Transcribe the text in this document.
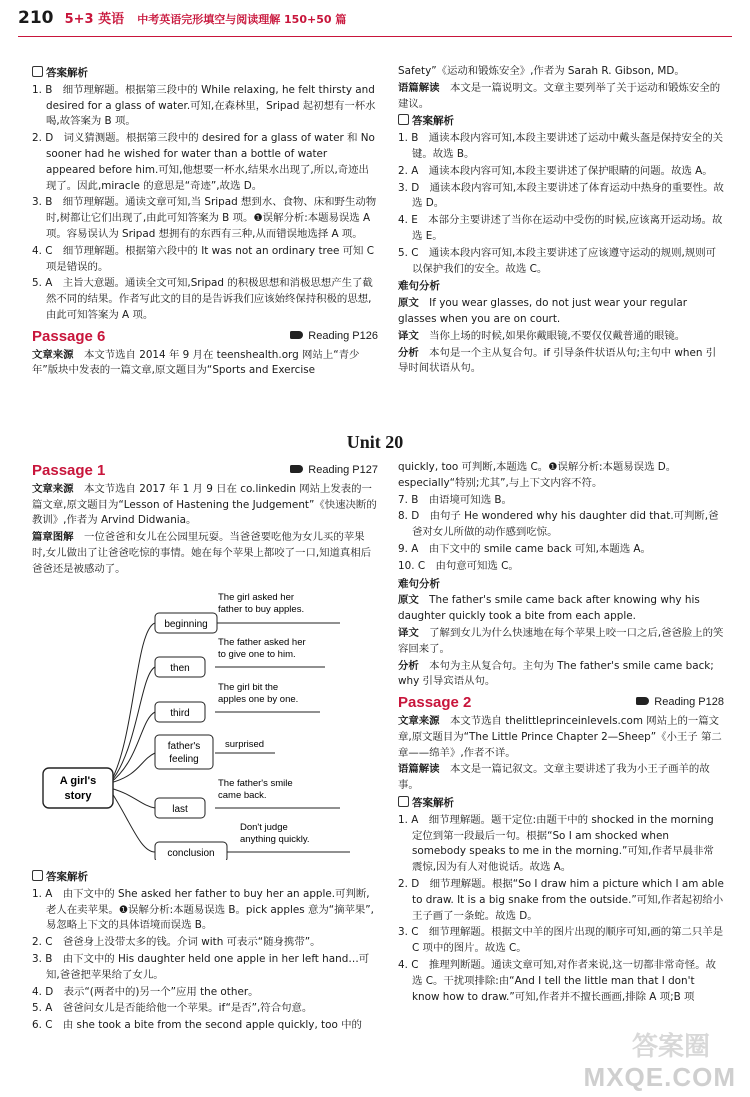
210 5+3 英语 中考英语完形填空与阅读理解 150+50 篇
答案解析

1. B　细节理解题。根据第三段中的 While relaxing, he felt thirsty and desired for a glass of water.可知,在森林里，Sripad 起初想有一杯水喝,故答案为 B 项。

2. D　词义猜测题。根据第三段中的 desired for a glass of water 和 No sooner had he wished for water than a bottle of water appeared before him.可知,他想要一杯水,结果水出现了,所以,奇迹出现了。因此,miracle 的意思是“奇迹”,故选 D。

3. B　细节理解题。通读文章可知,当 Sripad 想到水、食物、床和野生动物时,树都让它们出现了,由此可知答案为 B 项。❶误解分析:本题易误选 A 项。容易误认为 Sripad 想拥有的东西有三种,从而错误地选择 A 项。

4. C　细节理解题。根据第六段中的 It was not an ordinary tree 可知 C 项是错误的。

5. A　主旨大意题。通读全文可知,Sripad 的积极思想和消极思想产生了截然不同的结果。作者写此文的目的是告诉我们应该始终保持积极的思想,由此可知答案为 A 项。

Passage 6	Reading P126

文章来源　 本文节选自 2014 年 9 月在 teenshealth.org 网站上“青少年”版块中发表的一篇文章,原文题目为“Sports and Exercise

Safety”《运动和锻炼安全》,作者为 Sarah R. Gibson, MD。

语篇解读　 本文是一篇说明文。文章主要列举了关于运动和锻炼安全的建议。

答案解析

1. B　通读本段内容可知,本段主要讲述了运动中戴头盔是保持安全的关键。故选 B。

2. A　通读本段内容可知,本段主要讲述了保护眼睛的问题。故选 A。

3. D　通读本段内容可知,本段主要讲述了体育运动中热身的重要性。故选 D。

4. E　本部分主要讲述了当你在运动中受伤的时候,应该离开运动场。故选 E。

5. C　通读本段内容可知,本段主要讲述了应该遵守运动的规则,规则可以保护我们的安全。故选 C。

难句分析

原文　 If you wear glasses, do not just wear your regular glasses when you are on court.

译文　 当你上场的时候,如果你戴眼镜,不要仅仅戴普通的眼镜。

分析　 本句是一个主从复合句。if 引导条件状语从句;主句中 when 引导时间状语从句。

Unit 20
Passage 1	Reading P127

文章来源　 本文节选自 2017 年 1 月 9 日在 co.linkedin 网站上发表的一篇文章,原文题目为“Lesson of Hastening the Judgement”《快速决断的教训》,作者为 Arvind Didwania。

篇章图解　 一位爸爸和女儿在公园里玩耍。当爸爸要吃他为女儿买的苹果时,女儿做出了让爸爸吃惊的事情。她在每个苹果上都咬了一口,知道真相后爸爸还是被感动了。

A girl's
story
beginning
The girl asked her
father to buy apples.
then
The father asked her
to give one to him.
third
The girl bit the
apples one by one.
father's
feeling
surprised
last
The father's smile
came back.
conclusion
Don't judge
anything quickly.
答案解析

1. A　由下文中的 She asked her father to buy her an apple.可判断,老人在卖苹果。❶误解分析:本题易误选 B。pick apples 意为“摘苹果”,易忽略上下文的具体语境而误选 B。

2. C　爸爸身上没带太多的钱。介词 with 可表示“随身携带”。

3. B　由下文中的 His daughter held one apple in her left hand…可知,爸爸把苹果给了女儿。

4. D　表示“(两者中的)另一个”应用 the other。

5. A　爸爸问女儿是否能给他一个苹果。if“是否”,符合句意。

6. C　由 she took a bite from the second apple quickly, too 中的

quickly, too 可判断,本题选 C。❶误解分析:本题易误选 D。especially“特别;尤其”,与上下文内容不符。

7. B　由语境可知选 B。

8. D　由句子 He wondered why his daughter did that.可判断,爸爸对女儿所做的动作感到吃惊。

9. A　由下文中的 smile came back 可知,本题选 A。

10. C　由句意可知选 C。

难句分析

原文　 The father's smile came back after knowing why his daughter quickly took a bite from each apple.

译文　 了解到女儿为什么快速地在每个苹果上咬一口之后,爸爸脸上的笑容回来了。

分析　 本句为主从复合句。主句为 The father's smile came back; why 引导宾语从句。

Passage 2	Reading P128

文章来源　 本文节选自 thelittleprinceinlevels.com 网站上的一篇文章,原文题目为“The Little Prince Chapter 2—Sheep”《小王子 第二章——绵羊》,作者不详。

语篇解读　 本文是一篇记叙文。文章主要讲述了我为小王子画羊的故事。

答案解析

1. A　细节理解题。题干定位:由题干中的 shocked in the morning 定位到第一段最后一句。根据“So I am shocked when somebody speaks to me in the morning.”可知,作者早晨非常震惊,因为有人对他说话。故选 A。

2. D　细节理解题。根据“So I draw him a picture which I am able to draw. It is a big snake from the outside.”可知,作者起初给小王子画了一条蛇。故选 D。

3. C　细节理解题。根据文中羊的图片出现的顺序可知,画的第二只羊是 C 项中的图片。故选 C。

4. C　推理判断题。通读文章可知,对作者来说,这一切都非常奇怪。故选 C。干扰项排除:由“And I tell the little man that I don't know how to draw.”可知,作者并不擅长画画,排除 A 项;B 项

答案圈
MXQE.COM
